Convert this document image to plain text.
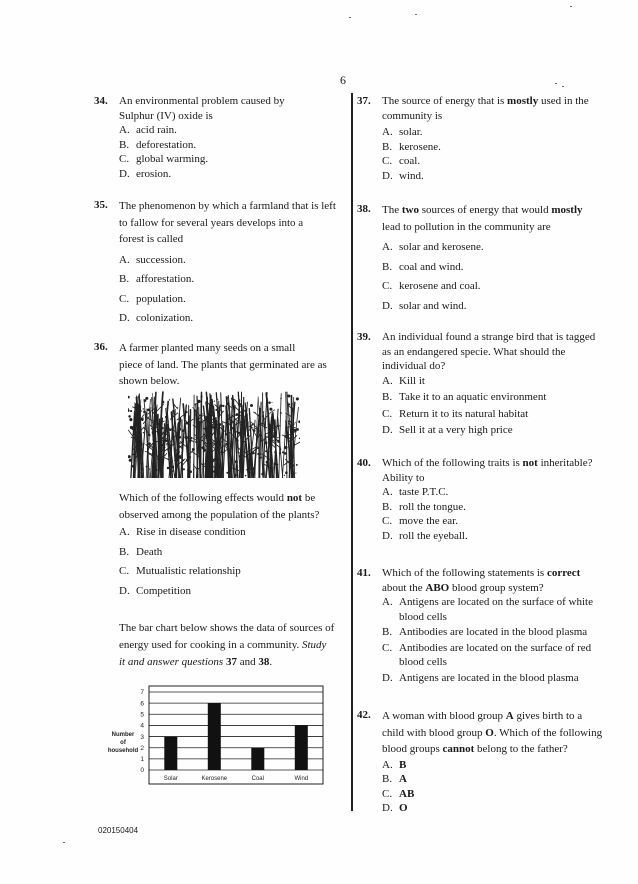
6
34. An environmental problem caused by
Sulphur (IV) oxide is
A. acid rain.
B. deforestation.
C. global warming.
D. erosion.
35. The phenomenon by which a farmland that is left
to fallow for several years develops into a
forest is called
A. succession.
B. afforestation.
C. population.
D. colonization.
36. A farmer planted many seeds on a small
piece of land. The plants that germinated are as
shown below.
Which of the following effects would not be
observed among the population of the plants?
A. Rise in disease condition
B. Death
C. Mutualistic relationship
D. Competition
The bar chart below shows the data of sources of
energy used for cooking in a community. Study
it and answer questions 37 and 38.
0
1
2
3
4
5
6
7
Solar	Kerosene	Coal	Wind
Number
of
household
37. The source of energy that is mostly used in the
community is
A. solar.
B. kerosene.
C. coal.
D. wind.
38. The two sources of energy that would mostly
lead to pollution in the community are
A. solar and kerosene.
B. coal and wind.
C. kerosene and coal.
D. solar and wind.
39. An individual found a strange bird that is tagged
as an endangered specie. What should the
individual do?
A. Kill it
B. Take it to an aquatic environment
C. Return it to its natural habitat
D. Sell it at a very high price
40. Which of the following traits is not inheritable?
Ability to
A. taste P.T.C.
B. roll the tongue.
C. move the ear.
D. roll the eyeball.
41. Which of the following statements is correct
about the ABO blood group system?
A. Antigens are located on the surface of white
blood cells
B. Antibodies are located in the blood plasma
C. Antibodies are located on the surface of red
blood cells
D. Antigens are located in the blood plasma
42. A woman with blood group A gives birth to a
child with blood group O. Which of the following
blood groups cannot belong to the father?
A. B
B. A
C. AB
D. O
020150404
